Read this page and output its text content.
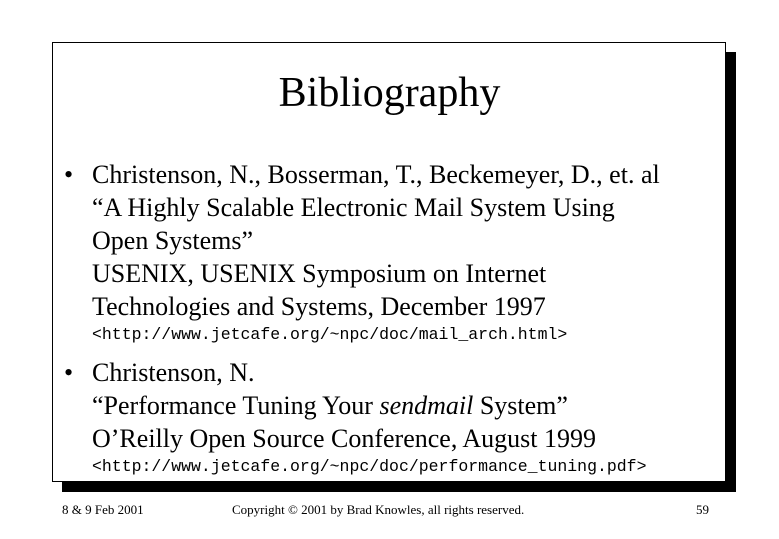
Bibliography
• Christenson, N., Bosserman, T., Beckemeyer, D., et. al
“A Highly Scalable Electronic Mail System Using
Open Systems”
USENIX, USENIX Symposium on Internet
Technologies and Systems, December 1997
<http://www.jetcafe.org/~npc/doc/mail_arch.html>
• Christenson, N.
“Performance Tuning Your sendmail System”
O’Reilly Open Source Conference, August 1999
<http://www.jetcafe.org/~npc/doc/performance_tuning.pdf>
8 & 9 Feb 2001	Copyright © 2001 by Brad Knowles, all rights reserved.	59
